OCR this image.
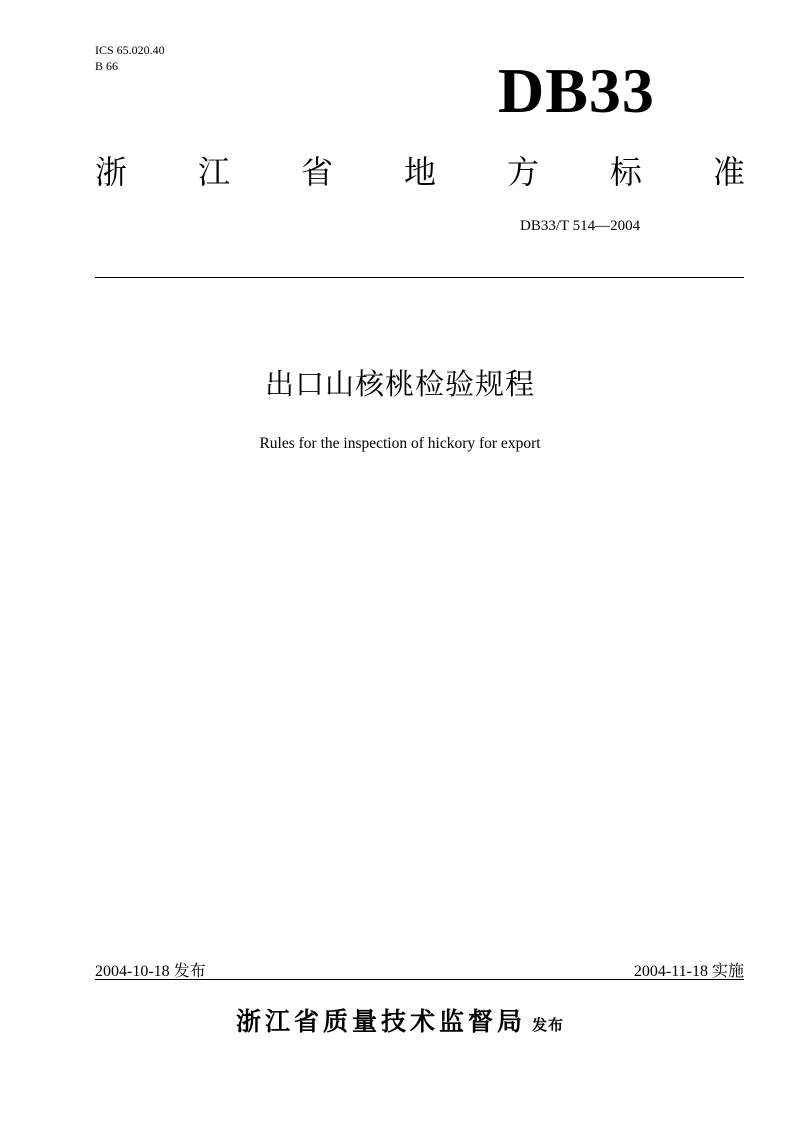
ICS 65.020.40
B 66	DB33
浙 江 省 地 方 标 准
DB33/T 514—2004
出口山核桃检验规程
Rules for the inspection of hickory for export
2004-10-18 发布	2004-11-18 实施
浙江省质量技术监督局 发布
